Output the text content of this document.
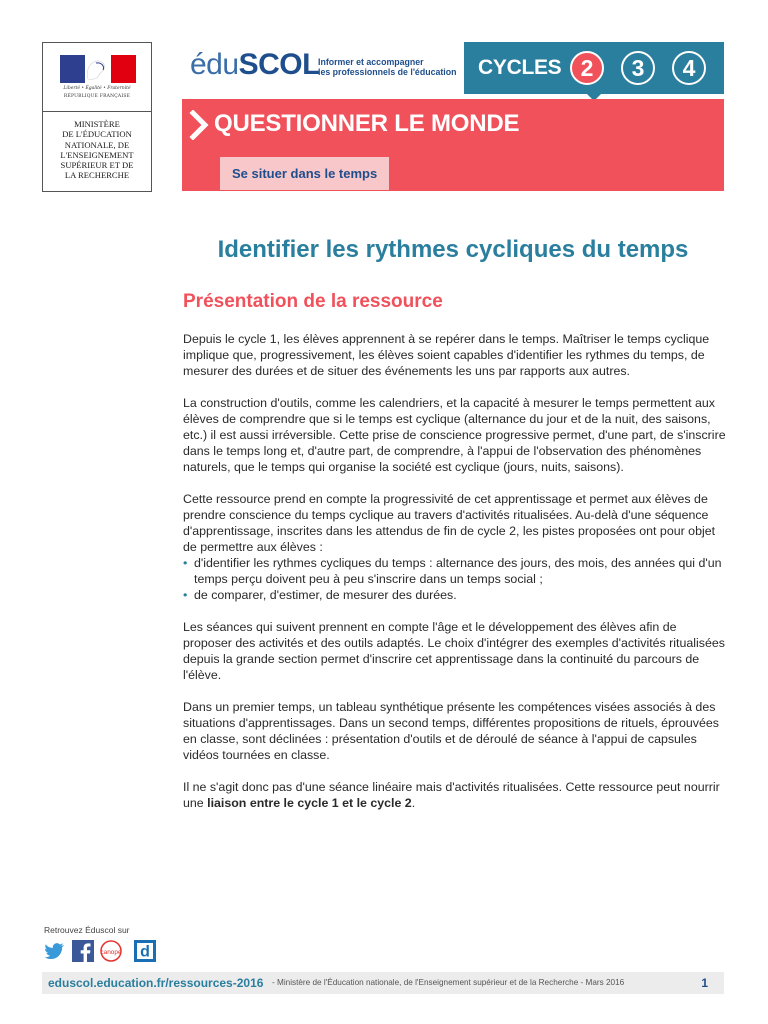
Liberté • Égalité • Fraternité
RÉPUBLIQUE FRANÇAISE
MINISTÈRE
DE L'ÉDUCATION
NATIONALE, DE
L'ENSEIGNEMENT
SUPÉRIEUR ET DE
LA RECHERCHE
éduSCOL
Informer et accompagner
les professionnels de l'éducation CYCLES 2	3	4
QUESTIONNER LE MONDE
Se situer dans le temps
Identifier les rythmes cycliques du temps
Présentation de la ressource

Depuis le cycle 1, les élèves apprennent à se repérer dans le temps. Maîtriser le temps cyclique implique que, progressivement, les élèves soient capables d'identifier les rythmes du temps, de mesurer des durées et de situer des événements les uns par rapports aux autres.

La construction d'outils, comme les calendriers, et la capacité à mesurer le temps permettent aux élèves de comprendre que si le temps est cyclique (alternance du jour et de la nuit, des saisons, etc.) il est aussi irréversible. Cette prise de conscience progressive permet, d'une part, de s'inscrire dans le temps long et, d'autre part, de comprendre, à l'appui de l'observation des phénomènes naturels, que le temps qui organise la société est cyclique (jours, nuits, saisons).

Cette ressource prend en compte la progressivité de cet apprentissage et permet aux élèves de prendre conscience du temps cyclique au travers d'activités ritualisées. Au-delà d'une séquence d'apprentissage, inscrites dans les attendus de fin de cycle 2, les pistes proposées ont pour objet de permettre aux élèves :

• d'identifier les rythmes cycliques du temps : alternance des jours, des mois, des années qui d'un temps perçu doivent peu à peu s'inscrire dans un temps social ;
• de comparer, d'estimer, de mesurer des durées.

Les séances qui suivent prennent en compte l'âge et le développement des élèves afin de proposer des activités et des outils adaptés. Le choix d'intégrer des exemples d'activités ritualisées depuis la grande section permet d'inscrire cet apprentissage dans la continuité du parcours de l'élève.

Dans un premier temps, un tableau synthétique présente les compétences visées associés à des situations d'apprentissages. Dans un second temps, différentes propositions de rituels, éprouvées en classe, sont déclinées : présentation d'outils et de déroulé de séance à l'appui de capsules vidéos tournées en classe.

Il ne s'agit donc pas d'une séance linéaire mais d'activités ritualisées. Cette ressource peut nourrir une liaison entre le cycle 1 et le cycle 2.

Retrouvez Éduscol sur
canopé d
eduscol.education.fr/ressources-2016 - Ministère de l'Éducation nationale, de l'Enseignement supérieur et de la Recherche - Mars 2016	1
